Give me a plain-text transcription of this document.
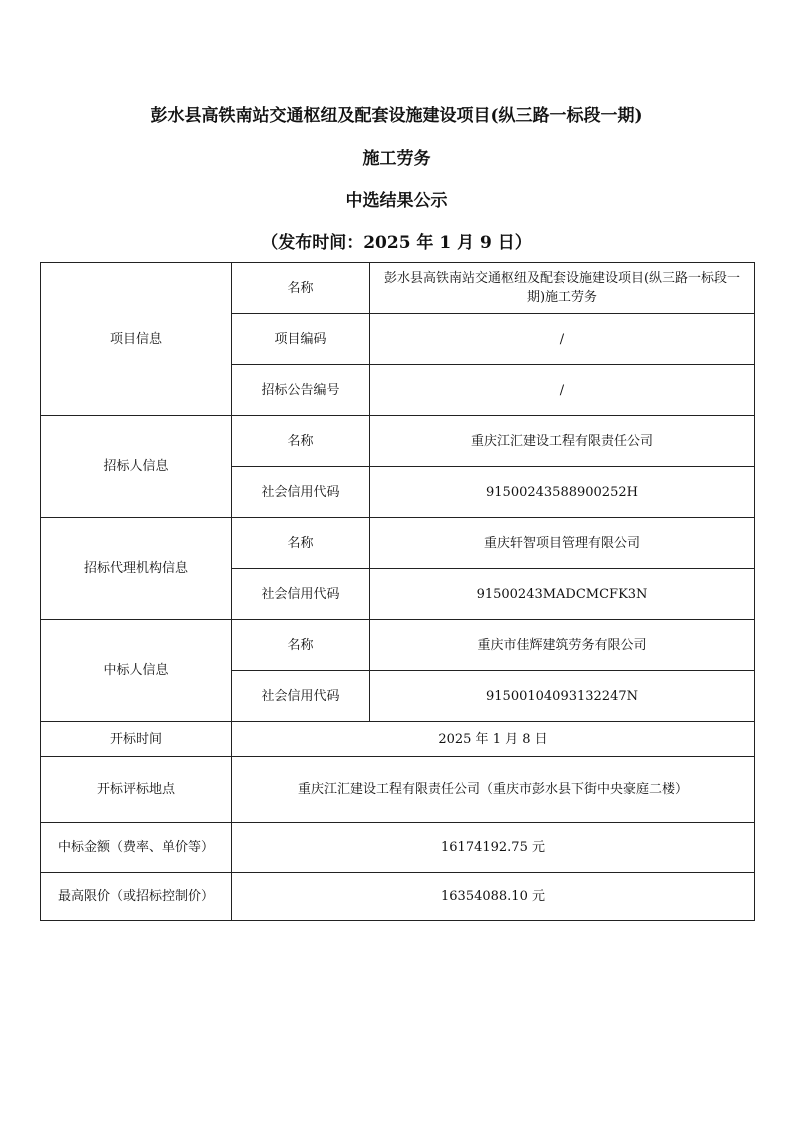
彭水县高铁南站交通枢纽及配套设施建设项目(纵三路一标段一期)
施工劳务
中选结果公示
（发布时间：2025 年 1 月 9 日）
项目信息	名称	彭水县高铁南站交通枢纽及配套设施建设项目(纵三路一标段一期)施工劳务
	项目编码	/
	招标公告编号	/
招标人信息	名称	重庆江汇建设工程有限责任公司
	社会信用代码	91500243588900252H
招标代理机构信息	名称	重庆轩智项目管理有限公司
	社会信用代码	91500243MADCMCFK3N
中标人信息	名称	重庆市佳辉建筑劳务有限公司
	社会信用代码	91500104093132247N
开标时间	2025 年 1 月 8 日	
开标评标地点	重庆江汇建设工程有限责任公司（重庆市彭水县下街中央豪庭二楼）	
中标金额（费率、单价等）	16174192.75 元	
最高限价（或招标控制价）	16354088.10 元	
